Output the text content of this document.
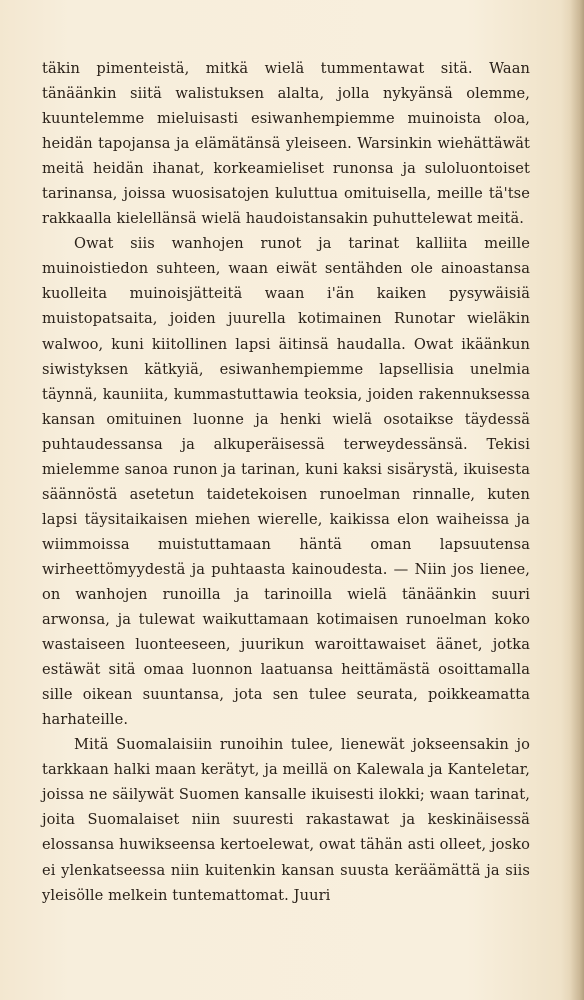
täkin pimenteistä, mitkä wielä tummentawat sitä. Waan tänäänkin siitä walistuksen alalta, jolla nykyänsä olemme, kuuntelemme mieluisasti esiwanhempiemme muinoista oloa, heidän tapojansa ja elämätänsä yleiseen. Warsinkin wiehättäwät meitä heidän ihanat, korkeamieliset runonsa ja suloluontoiset tarinansa, joissa wuosisatojen kuluttua omituisella, meille tä'tse rakkaalla kielellänsä wielä haudoistansakin puhuttelewat meitä.

Owat siis wanhojen runot ja tarinat kalliita meille muinoistiedon suhteen, waan eiwät sentähden ole ainoastansa kuolleita muinoisjätteitä waan i'än kaiken pysywäisiä muistopatsaita, joiden juurella kotimainen Runotar wieläkin walwoo, kuni kiitollinen lapsi äitinsä haudalla. Owat ikäänkun siwistyksen kätkyiä, esiwanhempiemme lapsellisia unelmia täynnä, kauniita, kummastuttawia teoksia, joiden rakennuksessa kansan omituinen luonne ja henki wielä osotaikse täydessä puhtaudessansa ja alkuperäisessä terweydessänsä. Tekisi mielemme sanoa runon ja tarinan, kuni kaksi sisärystä, ikuisesta säännöstä asetetun taidetekoisen runoelman rinnalle, kuten lapsi täysitaikaisen miehen wierelle, kaikissa elon waiheissa ja wiimmoissa muistuttamaan häntä oman lapsuutensa wirheettömyydestä ja puhtaasta kainoudesta. — Niin jos lienee, on wanhojen runoilla ja tarinoilla wielä tänäänkin suuri arwonsa, ja tulewat waikuttamaan kotimaisen runoelman koko wastaiseen luonteeseen, juurikun waroittawaiset äänet, jotka estäwät sitä omaa luonnon laatuansa heittämästä osoittamalla sille oikean suuntansa, jota sen tulee seurata, poikkeamatta harhateille.

Mitä Suomalaisiin runoihin tulee, lienewät jokseensakin jo tarkkaan halki maan kerätyt, ja meillä on Kalewala ja Kanteletar, joissa ne säilywät Suomen kansalle ikuisesti ilokki; waan tarinat, joita Suomalaiset niin suuresti rakastawat ja keskinäisessä elossansa huwikseensa kertoelewat, owat tähän asti olleet, josko ei ylenkatseessa niin kuitenkin kansan suusta keräämättä ja siis yleisölle melkein tuntemattomat. Juuri
